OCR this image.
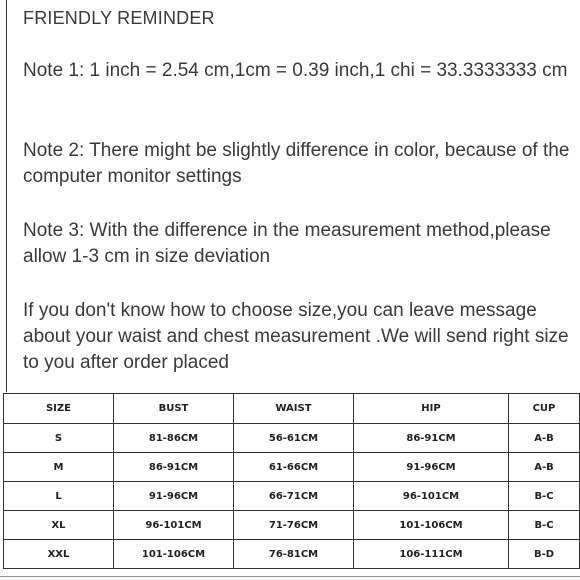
FRIENDLY REMINDER
Note 1: 1 inch = 2.54 cm,1cm = 0.39 inch,1 chi = 33.3333333 cm
Note 2: There might be slightly difference in color, because of the computer monitor settings
Note 3: With the difference in the measurement method,please allow 1-3 cm in size deviation
If you don't know how to choose size,you can leave message about your waist and chest measurement .We will send right size to you after order placed
SIZE	BUST	WAIST	HIP	CUP
S	81-86CM	56-61CM	86-91CM	A-B
M	86-91CM	61-66CM	91-96CM	A-B
L	91-96CM	66-71CM	96-101CM	B-C
XL	96-101CM	71-76CM	101-106CM	B-C
XXL	101-106CM	76-81CM	106-111CM	B-D
